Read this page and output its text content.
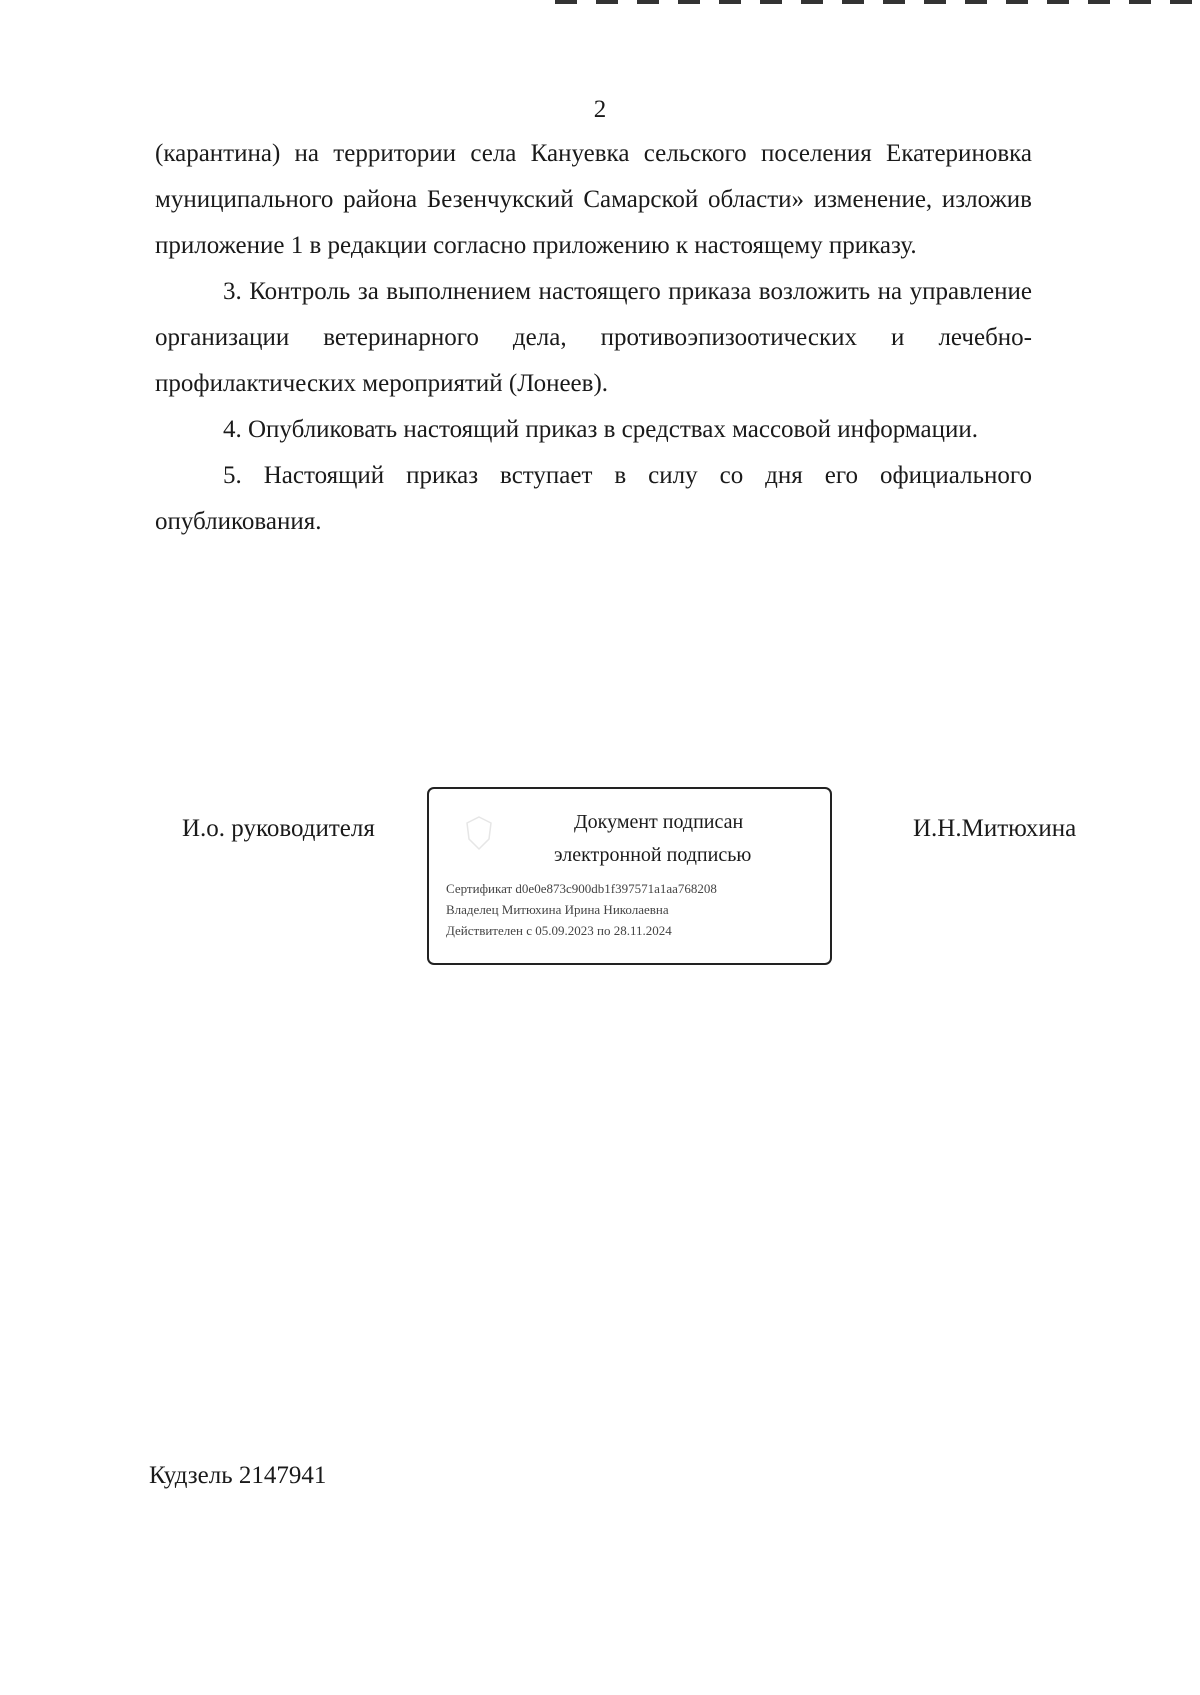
2

(карантина) на территории села Кануевка сельского поселения Екатериновка муниципального района Безенчукский Самарской области» изменение, изложив приложение 1 в редакции согласно приложению к настоящему приказу.

3. Контроль за выполнением настоящего приказа возложить на управление организации ветеринарного дела, противоэпизоотических и лечебно-профилактических мероприятий (Лонеев).

4. Опубликовать настоящий приказ в средствах массовой информации.

5. Настоящий приказ вступает в силу со дня его официального опубликования.

И.о. руководителя	Документ подписан
электронной подписью
Сертификат d0e0e873c900db1f397571a1aa768208
Владелец Митюхина Ирина Николаевна
Действителен с 05.09.2023 по 28.11.2024
И.Н.Митюхина
Кудзель 2147941
